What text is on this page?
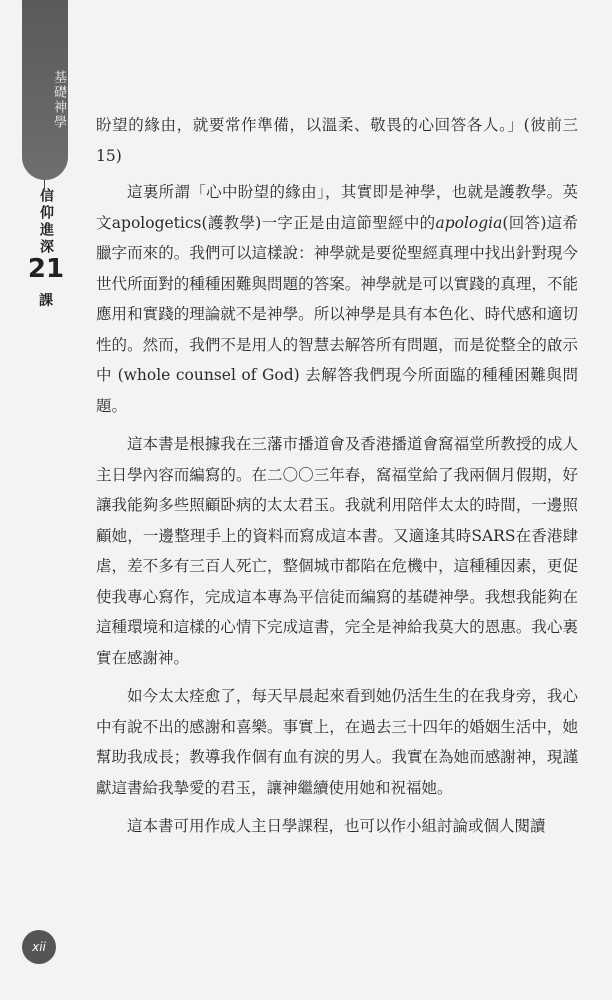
基礎神學
信仰進深
21
課

盼望的緣由，就要常作準備，以溫柔、敬畏的心回答各人。」(彼前三 15)

這裏所謂「心中盼望的緣由」，其實即是神學，也就是護教學。英文apologetics(護教學)一字正是由這節聖經中的apologia(回答)這希臘字而來的。我們可以這樣說：神學就是要從聖經真理中找出針對現今世代所面對的種種困難與問題的答案。神學就是可以實踐的真理，不能應用和實踐的理論就不是神學。所以神學是具有本色化、時代感和適切性的。然而，我們不是用人的智慧去解答所有問題，而是從整全的啟示中 (whole counsel of God) 去解答我們現今所面臨的種種困難與問題。

這本書是根據我在三藩市播道會及香港播道會窩福堂所教授的成人主日學內容而編寫的。在二〇〇三年春，窩福堂給了我兩個月假期，好讓我能夠多些照顧卧病的太太君玉。我就利用陪伴太太的時間，一邊照顧她，一邊整理手上的資料而寫成這本書。又適逢其時SARS在香港肆虐，差不多有三百人死亡，整個城市都陷在危機中，這種種因素，更促使我專心寫作，完成這本專為平信徒而編寫的基礎神學。我想我能夠在這種環境和這樣的心情下完成這書，完全是神給我莫大的恩惠。我心裏實在感謝神。

如今太太痊愈了，每天早晨起來看到她仍活生生的在我身旁，我心中有說不出的感謝和喜樂。事實上，在過去三十四年的婚姻生活中，她幫助我成長；教導我作個有血有淚的男人。我實在為她而感謝神，現謹獻這書給我摯愛的君玉，讓神繼續使用她和祝福她。

這本書可用作成人主日學課程，也可以作小組討論或個人閱讀

xii
